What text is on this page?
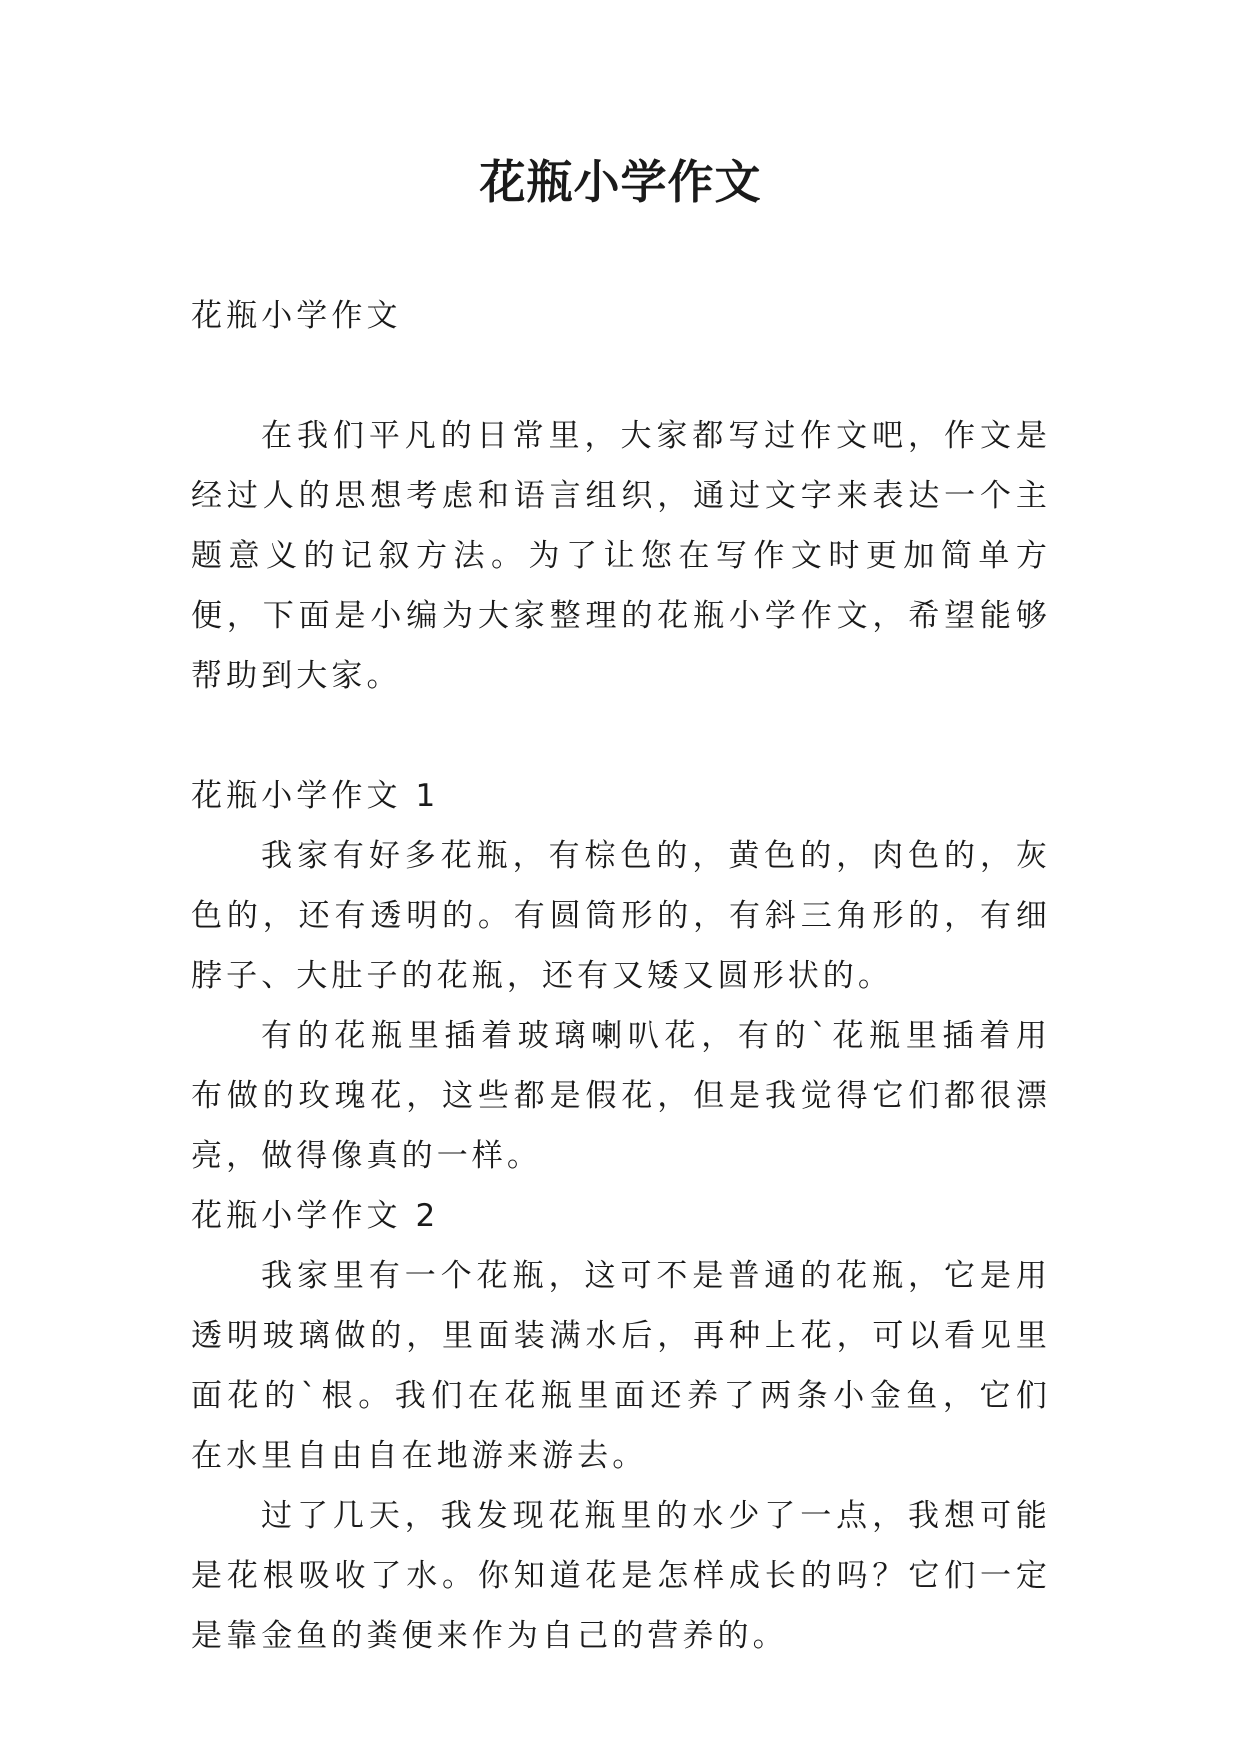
花瓶小学作文

花瓶小学作文

在我们平凡的日常里，大家都写过作文吧，作文是经过人的思想考虑和语言组织，通过文字来表达一个主题意义的记叙方法。为了让您在写作文时更加简单方便，下面是小编为大家整理的花瓶小学作文，希望能够帮助到大家。

花瓶小学作文 1

我家有好多花瓶，有棕色的，黄色的，肉色的，灰色的，还有透明的。有圆筒形的，有斜三角形的，有细脖子、大肚子的花瓶，还有又矮又圆形状的。

有的花瓶里插着玻璃喇叭花，有的`花瓶里插着用布做的玫瑰花，这些都是假花，但是我觉得它们都很漂亮，做得像真的一样。

花瓶小学作文 2

我家里有一个花瓶，这可不是普通的花瓶，它是用透明玻璃做的，里面装满水后，再种上花，可以看见里面花的`根。我们在花瓶里面还养了两条小金鱼，它们在水里自由自在地游来游去。

过了几天，我发现花瓶里的水少了一点，我想可能是花根吸收了水。你知道花是怎样成长的吗？它们一定是靠金鱼的粪便来作为自己的营养的。
